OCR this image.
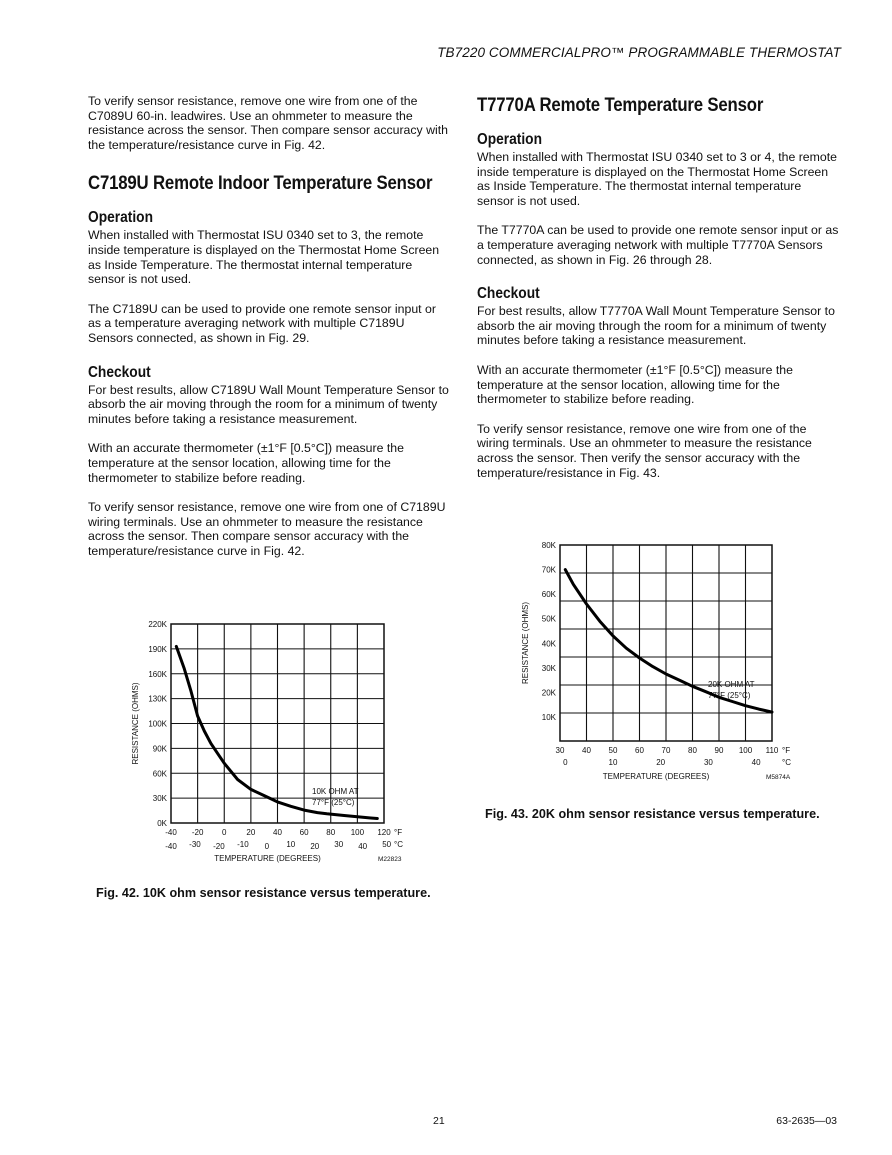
TB7220 COMMERCIALPRO™ PROGRAMMABLE THERMOSTAT

To verify sensor resistance, remove one wire from one of the C7089U 60-in. leadwires. Use an ohmmeter to measure the resistance across the sensor. Then compare sensor accuracy with the temperature/resistance curve in Fig. 42.

C7189U Remote Indoor Temperature Sensor
Operation

When installed with Thermostat ISU 0340 set to 3, the remote inside temperature is displayed on the Thermostat Home Screen as Inside Temperature. The thermostat internal temperature sensor is not used.

The C7189U can be used to provide one remote sensor input or as a temperature averaging network with multiple C7189U Sensors connected, as shown in Fig. 29.

Checkout

For best results, allow C7189U Wall Mount Temperature Sensor to absorb the air moving through the room for a minimum of twenty minutes before taking a resistance measurement.

With an accurate thermometer (±1°F [0.5°C]) measure the temperature at the sensor location, allowing time for the thermometer to stabilize before reading.

To verify sensor resistance, remove one wire from one of C7189U wiring terminals. Use an ohmmeter to measure the resistance across the sensor. Then compare sensor accuracy with the temperature/resistance curve in Fig. 42.

T7770A Remote Temperature Sensor
Operation

When installed with Thermostat ISU 0340 set to 3 or 4, the remote inside temperature is displayed on the Thermostat Home Screen as Inside Temperature. The thermostat internal temperature sensor is not used.

The T7770A can be used to provide one remote sensor input or as a temperature averaging network with multiple T7770A Sensors connected, as shown in Fig. 26 through 28.

Checkout

For best results, allow T7770A Wall Mount Temperature Sensor to absorb the air moving through the room for a minimum of twenty minutes before taking a resistance measurement.

With an accurate thermometer (±1°F [0.5°C]) measure the temperature at the sensor location, allowing time for the thermometer to stabilize before reading.

To verify sensor resistance, remove one wire from one of the wiring terminals. Use an ohmmeter to measure the resistance across the sensor. Then verify the sensor accuracy with the temperature/resistance in Fig. 43.

0K
30K
60K
90K
100K
130K
160K
190K
220K
-40 -20 0 20 40 60 80 100 120 °F
-40 -30 -20 -10 0 10 20 30 40 50 °C
RESISTANCE (OHMS)
TEMPERATURE (DEGREES)	M22823
10K OHM AT
77°F (25°C)
Fig. 42. 10K ohm sensor resistance versus temperature.
10K
20K
30K
40K
50K
60K
70K
80K
30 40 50 60 70 80 90 100 110 °F
0	10	20	30	40	°C
RESISTANCE (OHMS)
TEMPERATURE (DEGREES)	M5874A
20K OHM AT
77°F (25°C)
Fig. 43. 20K ohm sensor resistance versus temperature.
21	63-2635—03
